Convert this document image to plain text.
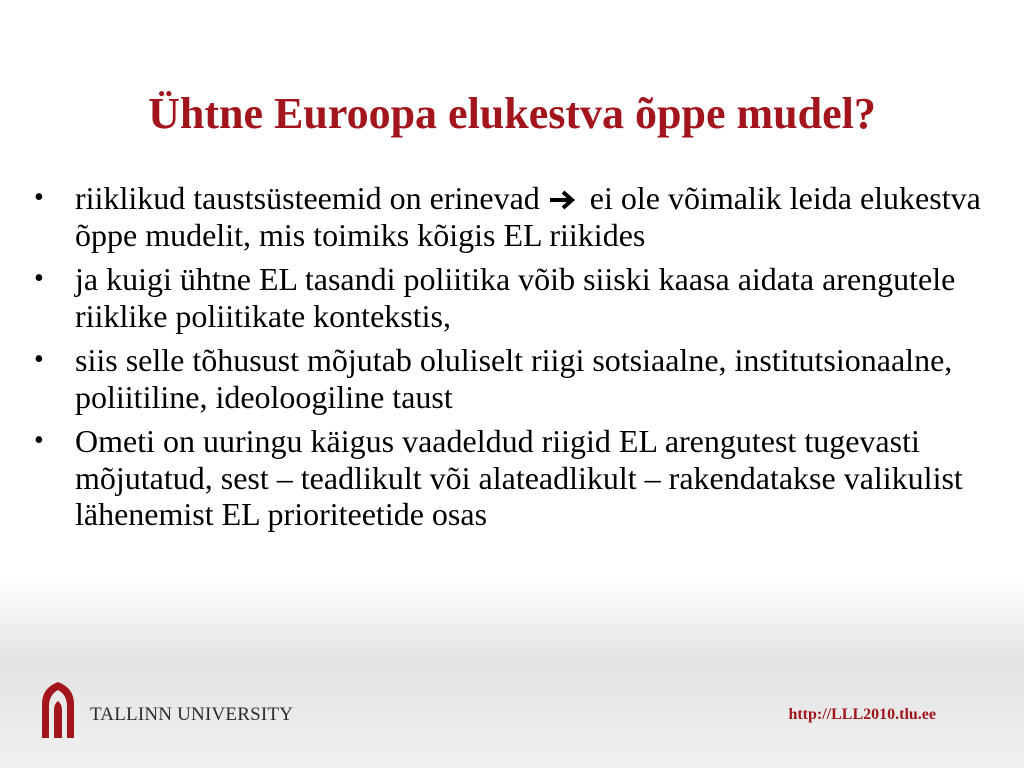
Ühtne Euroopa elukestva õppe mudel?
• riiklikud taustsüsteemid on erinevad ei ole võimalik leida elukestva õppe mudelit, mis toimiks kõigis EL riikides
• ja kuigi ühtne EL tasandi poliitika võib siiski kaasa aidata arengutele riiklike poliitikate kontekstis,
• siis selle tõhusust mõjutab oluliselt riigi sotsiaalne, institutsionaalne, poliitiline, ideoloogiline taust
• Ometi on uuringu käigus vaadeldud riigid EL arengutest tugevasti mõjutatud, sest – teadlikult või alateadlikult – rakendatakse valikulist lähenemist EL prioriteetide osas
TALLINN UNIVERSITY	http://LLL2010.tlu.ee
